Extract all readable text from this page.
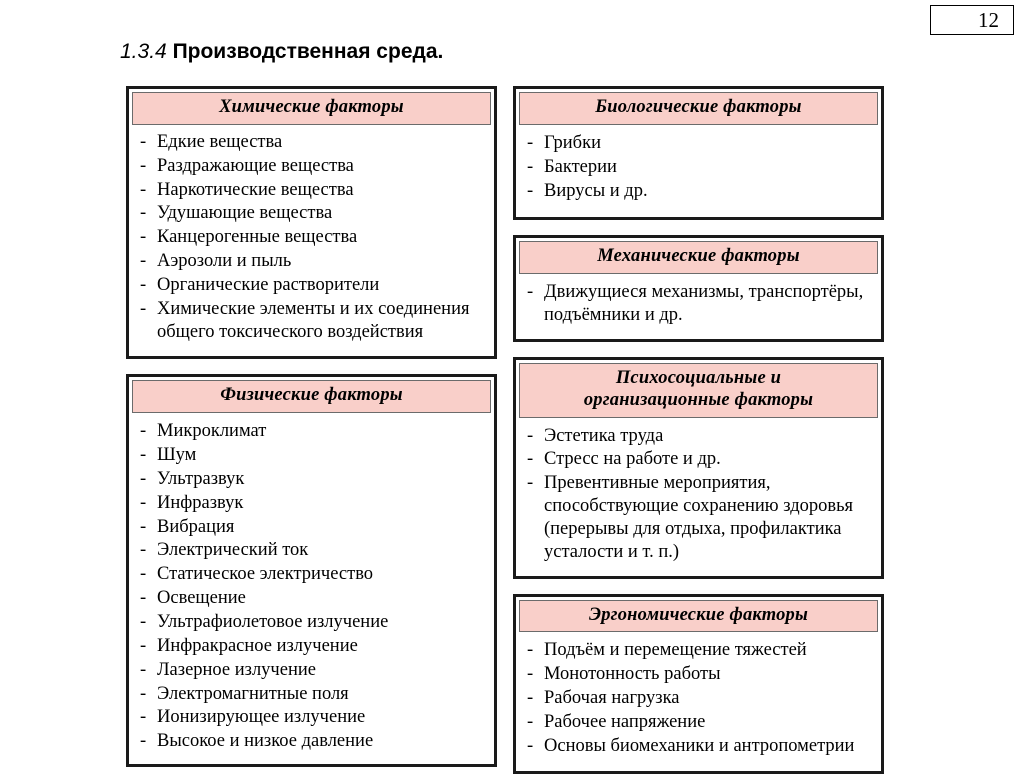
12
1.3.4 Производственная среда.
Химические факторы
- Едкие вещества
- Раздражающие вещества
- Наркотические вещества
- Удушающие вещества
- Канцерогенные вещества
- Аэрозоли и пыль
- Органические растворители
- Химические элементы и их соединения общего токсического воздействия
Физические факторы
- Микроклимат
- Шум
- Ультразвук
- Инфразвук
- Вибрация
- Электрический ток
- Статическое электричество
- Освещение
- Ультрафиолетовое излучение
- Инфракрасное излучение
- Лазерное излучение
- Электромагнитные поля
- Ионизирующее излучение
- Высокое и низкое давление
Биологические факторы
- Грибки
- Бактерии
- Вирусы и др.
Механические факторы
- Движущиеся механизмы, транспортёры, подъёмники и др.
Психосоциальные и
организационные факторы
- Эстетика труда
- Стресс на работе и др.
- Превентивные мероприятия, способствующие сохранению здоровья (перерывы для отдыха, профилактика усталости и т. п.)
Эргономические факторы
- Подъём и перемещение тяжестей
- Монотонность работы
- Рабочая нагрузка
- Рабочее напряжение
- Основы биомеханики и антропометрии
